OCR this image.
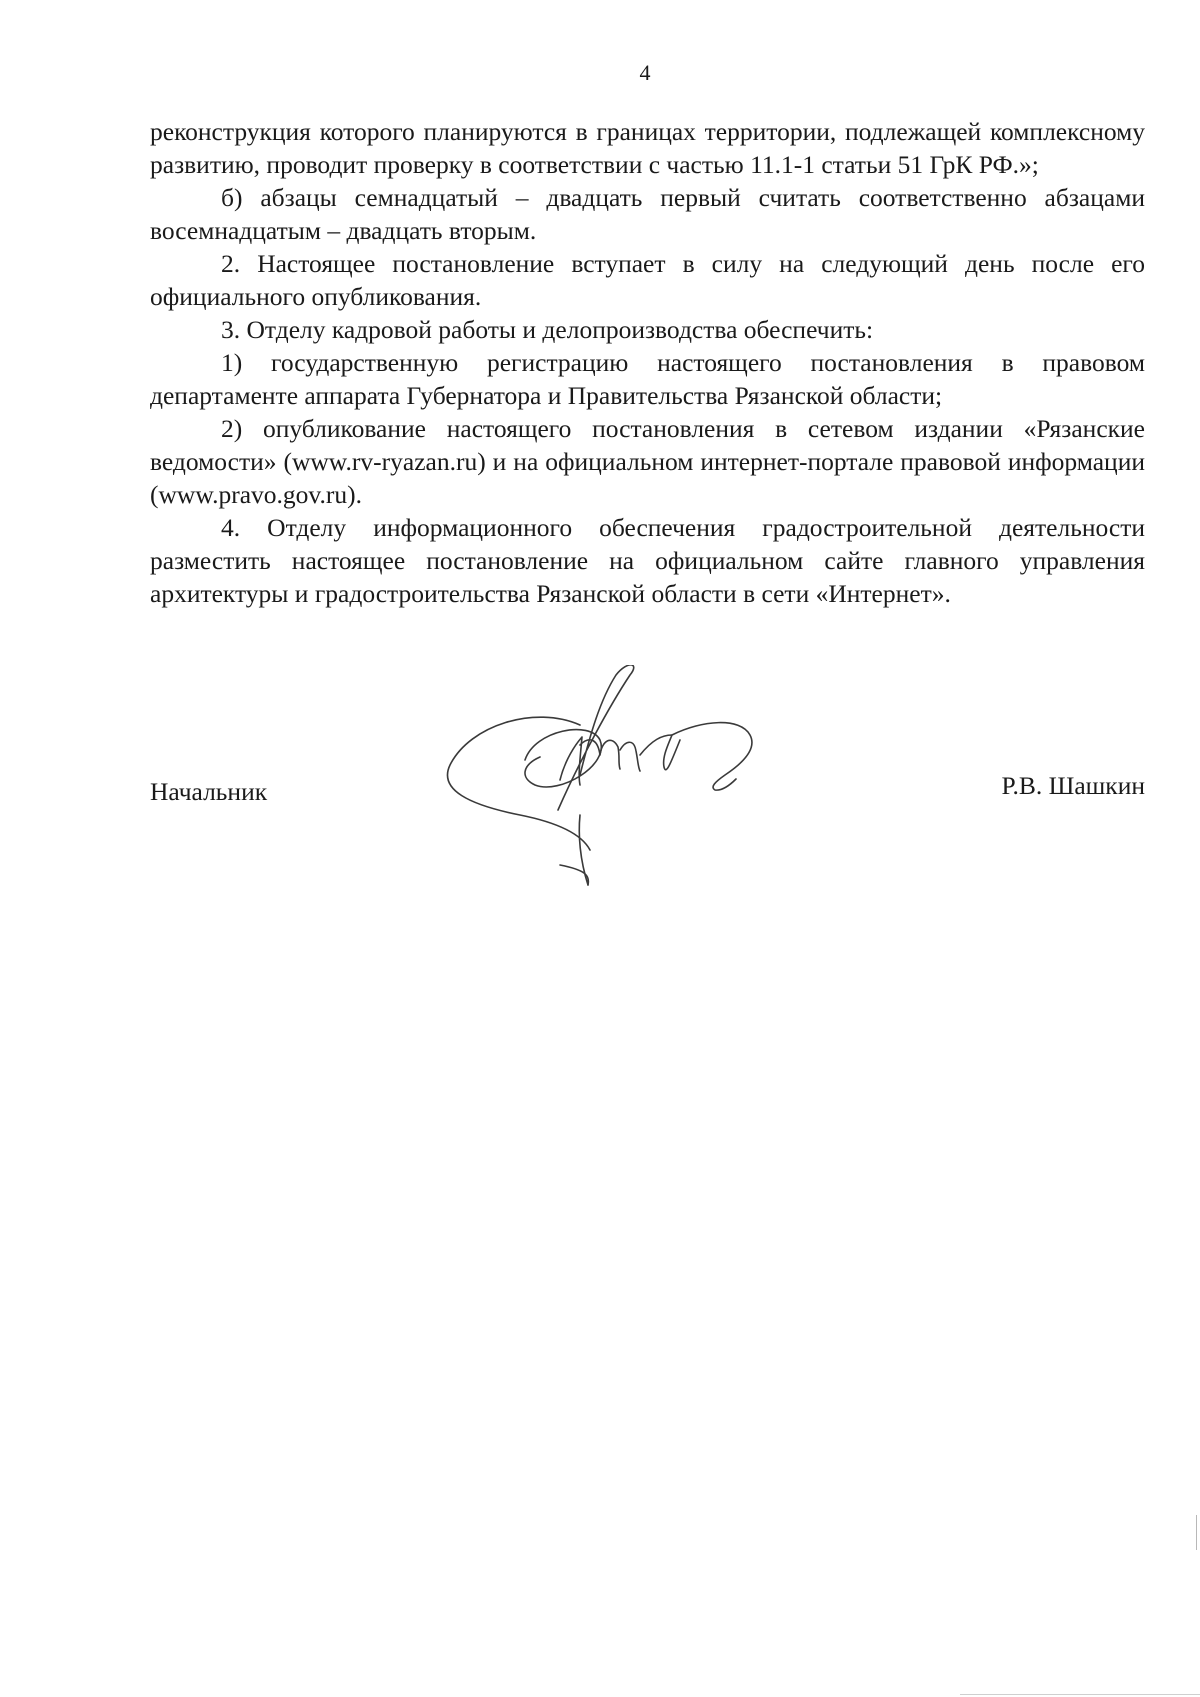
4

реконструкция которого планируются в границах территории, подлежащей комплексному развитию, проводит проверку в соответствии с частью 11.1-1 статьи 51 ГрК РФ.»;

б) абзацы семнадцатый – двадцать первый считать соответственно абзацами восемнадцатым – двадцать вторым.

2. Настоящее постановление вступает в силу на следующий день после его официального опубликования.

3. Отделу кадровой работы и делопроизводства обеспечить:

1) государственную регистрацию настоящего постановления в правовом департаменте аппарата Губернатора и Правительства Рязанской области;

2) опубликование настоящего постановления в сетевом издании «Рязанские ведомости» (www.rv-ryazan.ru) и на официальном интернет-портале правовой информации (www.pravo.gov.ru).

4. Отделу информационного обеспечения градостроительной деятельности разместить настоящее постановление на официальном сайте главного управления архитектуры и градостроительства Рязанской области в сети «Интернет».

Начальник	Р.В. Шашкин
